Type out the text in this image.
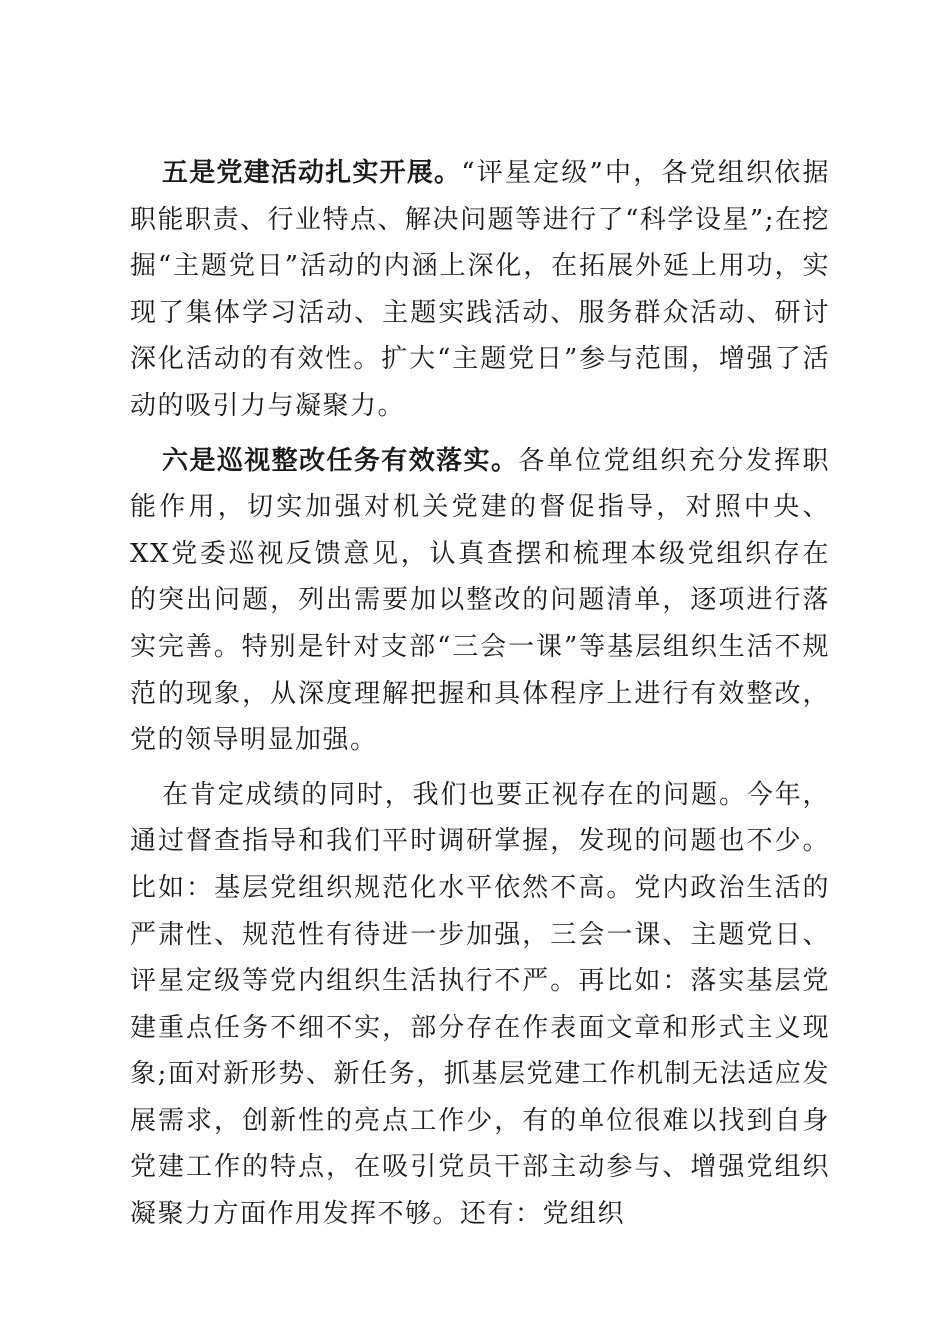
五是党建活动扎实开展。“评星定级”中，各党组织依据职能职责、行业特点、解决问题等进行了“科学设星”;在挖掘“主题党日”活动的内涵上深化，在拓展外延上用功，实现了集体学习活动、主题实践活动、服务群众活动、研讨深化活动的有效性。扩大“主题党日”参与范围，增强了活动的吸引力与凝聚力。

六是巡视整改任务有效落实。各单位党组织充分发挥职能作用，切实加强对机关党建的督促指导，对照中央、XX党委巡视反馈意见，认真查摆和梳理本级党组织存在的突出问题，列出需要加以整改的问题清单，逐项进行落实完善。特别是针对支部“三会一课”等基层组织生活不规范的现象，从深度理解把握和具体程序上进行有效整改，党的领导明显加强。

在肯定成绩的同时，我们也要正视存在的问题。今年，通过督查指导和我们平时调研掌握，发现的问题也不少。比如：基层党组织规范化水平依然不高。党内政治生活的严肃性、规范性有待进一步加强，三会一课、主题党日、评星定级等党内组织生活执行不严。再比如：落实基层党建重点任务不细不实，部分存在作表面文章和形式主义现象;面对新形势、新任务，抓基层党建工作机制无法适应发展需求，创新性的亮点工作少，有的单位很难以找到自身党建工作的特点，在吸引党员干部主动参与、增强党组织凝聚力方面作用发挥不够。还有：党组织
